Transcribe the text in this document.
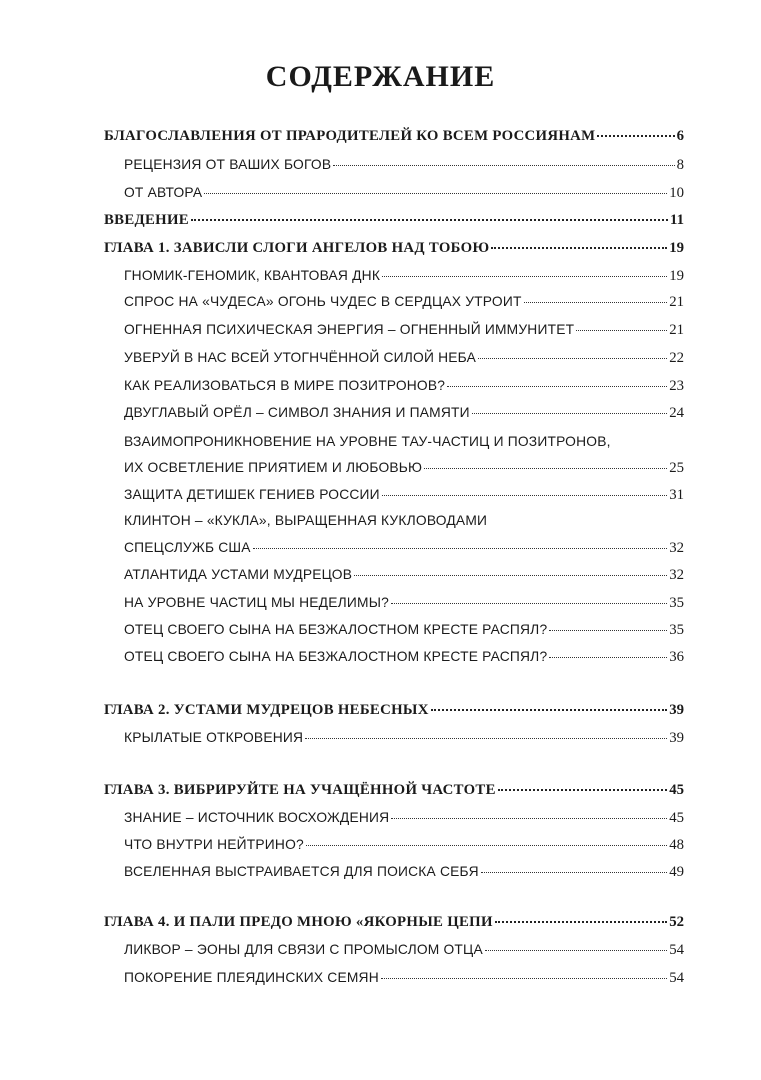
СОДЕРЖАНИЕ
БЛАГОСЛАВЛЕНИЯ ОТ ПРАРОДИТЕЛЕЙ КО ВСЕМ РОССИЯНАМ	6
РЕЦЕНЗИЯ ОТ ВАШИХ БОГОВ	8
ОТ АВТОРА	10
ВВЕДЕНИЕ	11
ГЛАВА 1. ЗАВИСЛИ СЛОГИ АНГЕЛОВ НАД ТОБОЮ	19
ГНОМИК-ГЕНОМИК, КВАНТОВАЯ ДНК	19
СПРОС НА «ЧУДЕСА» ОГОНЬ ЧУДЕС В СЕРДЦАХ УТРОИТ	21
ОГНЕННАЯ ПСИХИЧЕСКАЯ ЭНЕРГИЯ – ОГНЕННЫЙ ИММУНИТЕТ	21
УВЕРУЙ В НАС ВСЕЙ УТОГНЧЁННОЙ СИЛОЙ НЕБА	22
КАК РЕАЛИЗОВАТЬСЯ В МИРЕ ПОЗИТРОНОВ?	23
ДВУГЛАВЫЙ ОРЁЛ – СИМВОЛ ЗНАНИЯ И ПАМЯТИ	24
ВЗАИМОПРОНИКНОВЕНИЕ НА УРОВНЕ ТАУ-ЧАСТИЦ И ПОЗИТРОНОВ,
ИХ ОСВЕТЛЕНИЕ ПРИЯТИЕМ И ЛЮБОВЬЮ	25
ЗАЩИТА ДЕТИШЕК ГЕНИЕВ РОССИИ	31
КЛИНТОН – «КУКЛА», ВЫРАЩЕННАЯ КУКЛОВОДАМИ
СПЕЦСЛУЖБ США	32
АТЛАНТИДА УСТАМИ МУДРЕЦОВ	32
НА УРОВНЕ ЧАСТИЦ МЫ НЕДЕЛИМЫ?	35
ОТЕЦ СВОЕГО СЫНА НА БЕЗЖАЛОСТНОМ КРЕСТЕ РАСПЯЛ?	35
ОТЕЦ СВОЕГО СЫНА НА БЕЗЖАЛОСТНОМ КРЕСТЕ РАСПЯЛ?	36
ГЛАВА 2. УСТАМИ МУДРЕЦОВ НЕБЕСНЫХ	39
КРЫЛАТЫЕ ОТКРОВЕНИЯ	39
ГЛАВА 3. ВИБРИРУЙТЕ НА УЧАЩЁННОЙ ЧАСТОТЕ	45
ЗНАНИЕ – ИСТОЧНИК ВОСХОЖДЕНИЯ	45
ЧТО ВНУТРИ НЕЙТРИНО?	48
ВСЕЛЕННАЯ ВЫСТРАИВАЕТСЯ ДЛЯ ПОИСКА СЕБЯ	49
ГЛАВА 4. И ПАЛИ ПРЕДО МНОЮ «ЯКОРНЫЕ ЦЕПИ	52
ЛИКВОР – ЭОНЫ ДЛЯ СВЯЗИ С ПРОМЫСЛОМ ОТЦА	54
ПОКОРЕНИЕ ПЛЕЯДИНСКИХ СЕМЯН	54
